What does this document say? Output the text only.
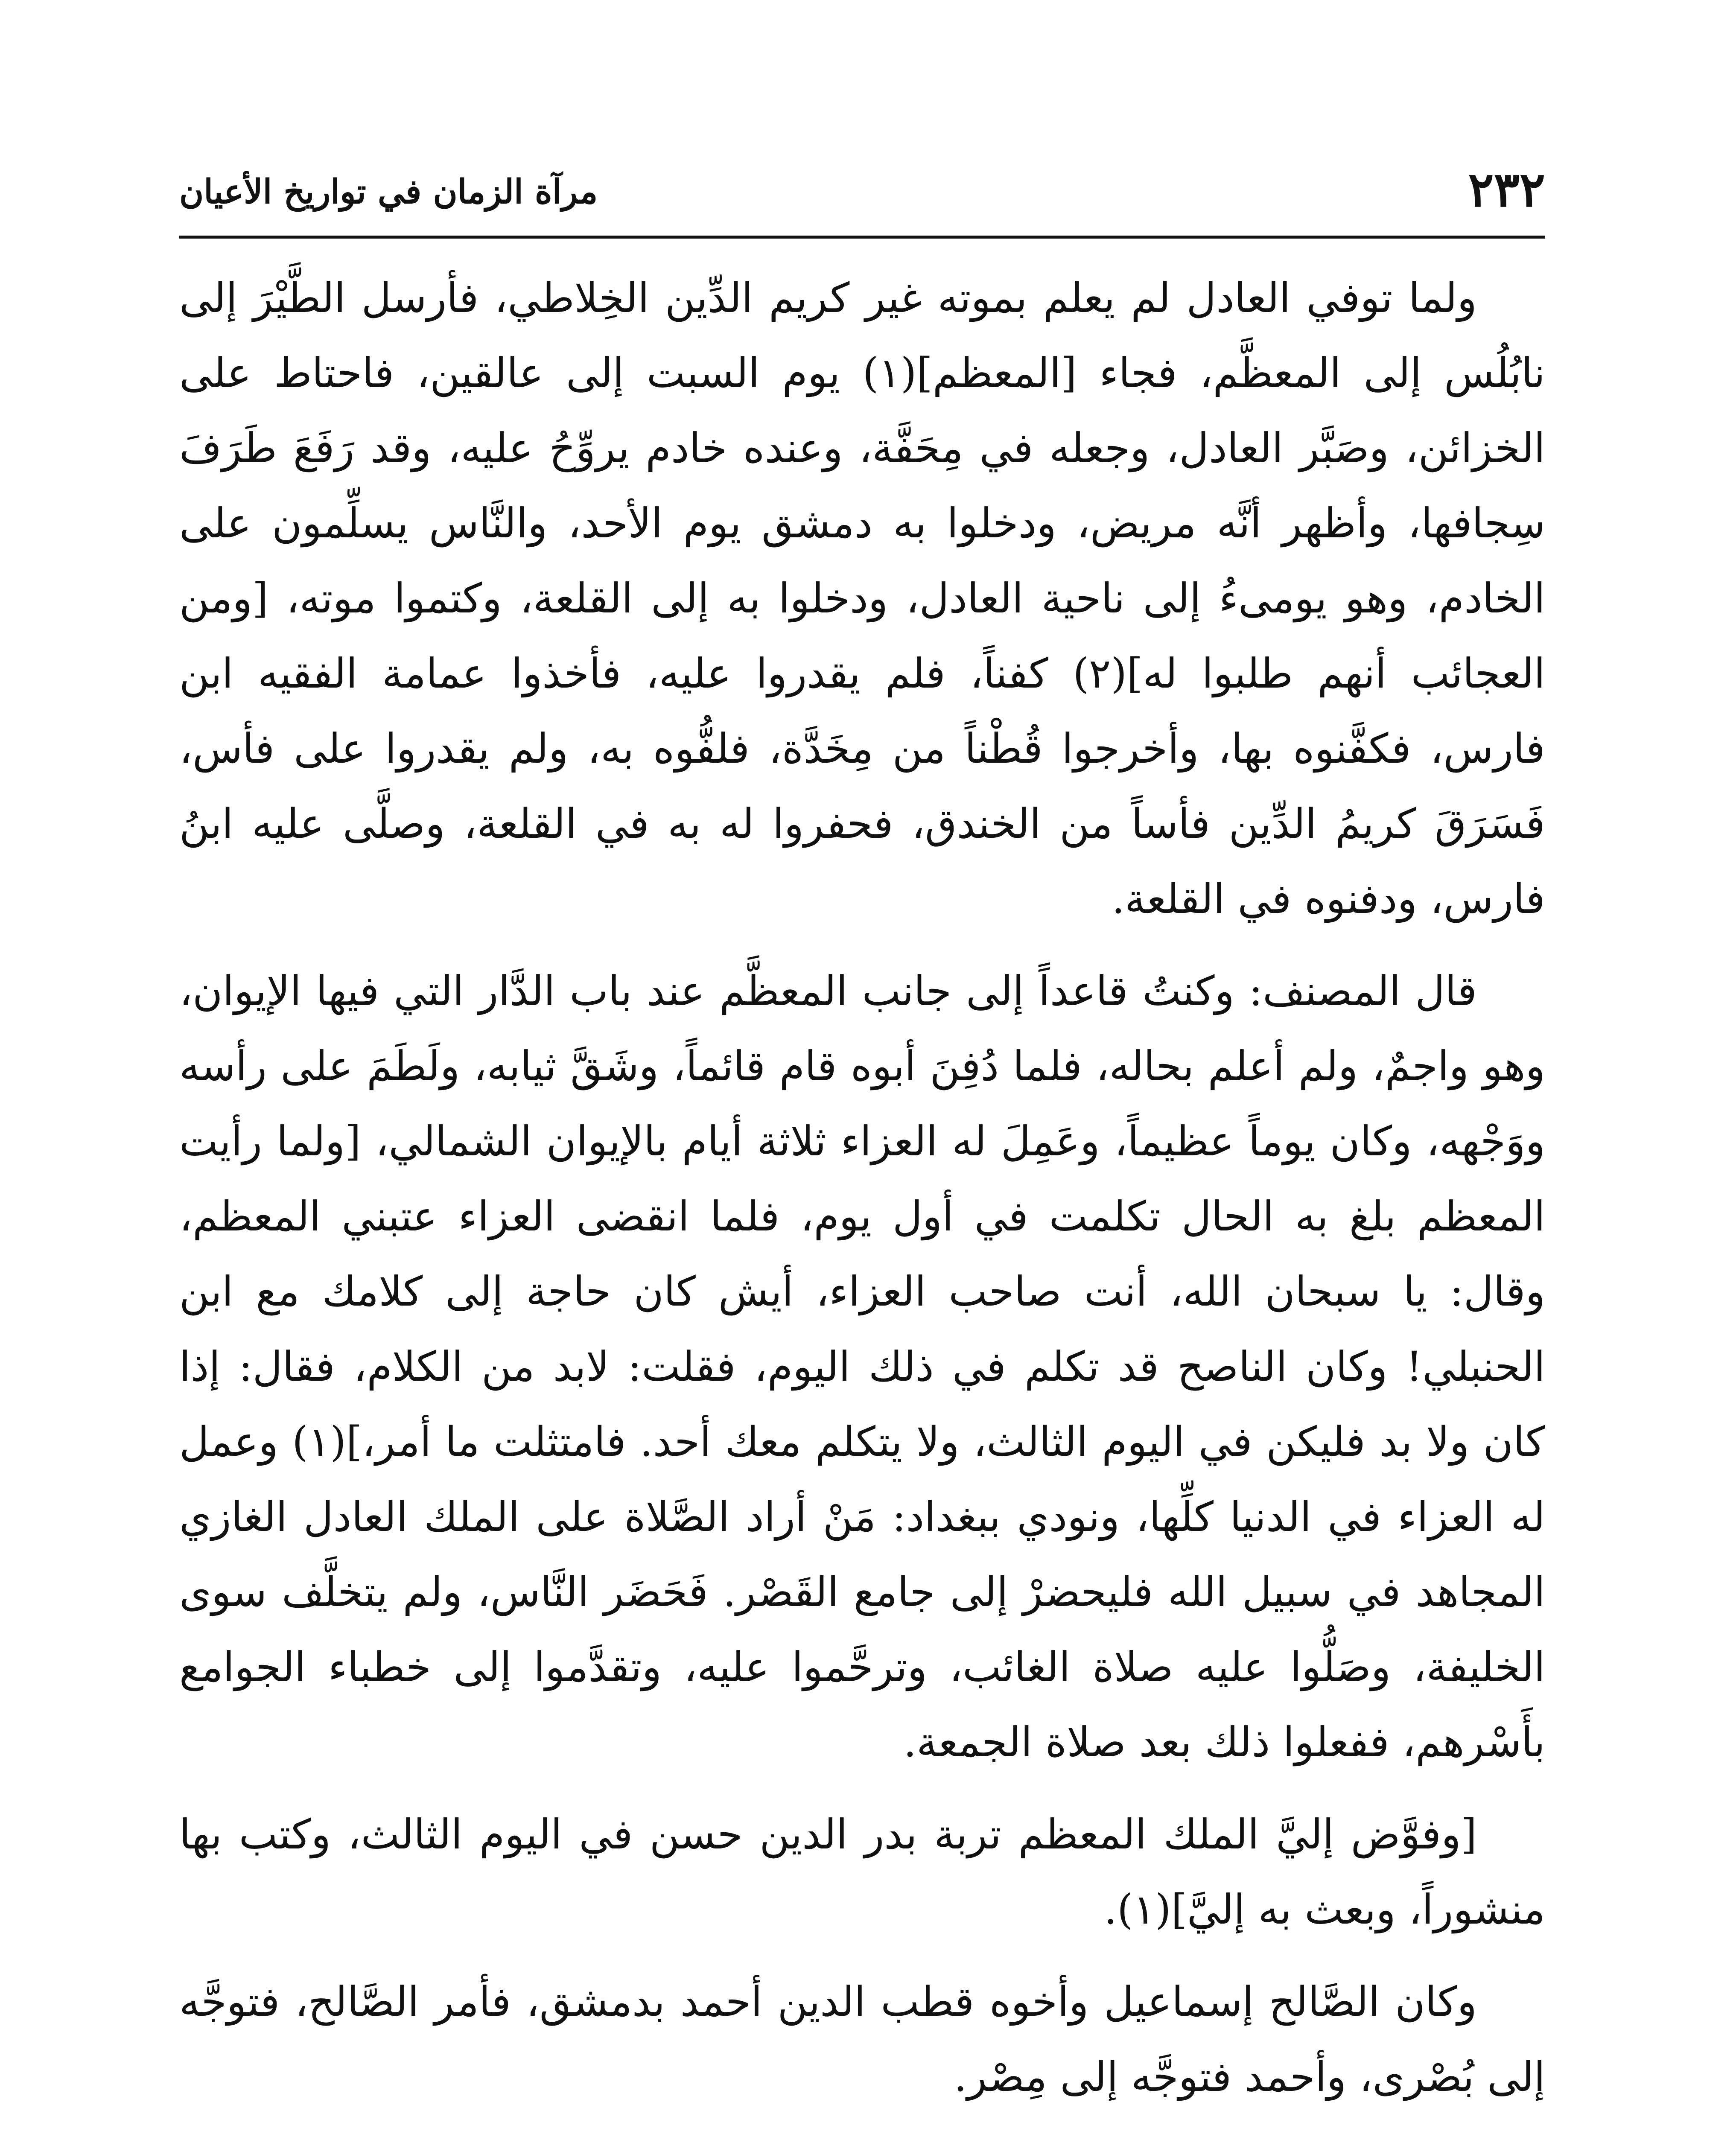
٢٣٢
مرآة الزمان في تواريخ الأعيان

ولما توفي العادل لم يعلم بموته غير كريم الدِّين الخِلاطي، فأرسل الطَّيْرَ إلى نابُلُس إلى المعظَّم، فجاء [المعظم](١) يوم السبت إلى عالقين، فاحتاط على الخزائن، وصَبَّر العادل، وجعله في مِحَفَّة، وعنده خادم يروِّحُ عليه، وقد رَفَعَ طَرَفَ سِجافها، وأظهر أنَّه مريض، ودخلوا به دمشق يوم الأحد، والنَّاس يسلِّمون على الخادم، وهو يومىءُ إلى ناحية العادل، ودخلوا به إلى القلعة، وكتموا موته، [ومن العجائب أنهم طلبوا له](٢) كفناً، فلم يقدروا عليه، فأخذوا عمامة الفقيه ابن فارس، فكفَّنوه بها، وأخرجوا قُطْناً من مِخَدَّة، فلفُّوه به، ولم يقدروا على فأس، فَسَرَقَ كريمُ الدِّين فأساً من الخندق، فحفروا له به في القلعة، وصلَّى عليه ابنُ فارس، ودفنوه في القلعة.

قال المصنف: وكنتُ قاعداً إلى جانب المعظَّم عند باب الدَّار التي فيها الإيوان، وهو واجمٌ، ولم أعلم بحاله، فلما دُفِنَ أبوه قام قائماً، وشَقَّ ثيابه، ولَطَمَ على رأسه ووَجْهه، وكان يوماً عظيماً، وعَمِلَ له العزاء ثلاثة أيام بالإيوان الشمالي، [ولما رأيت المعظم بلغ به الحال تكلمت في أول يوم، فلما انقضى العزاء عتبني المعظم، وقال: يا سبحان الله، أنت صاحب العزاء، أيش كان حاجة إلى كلامك مع ابن الحنبلي! وكان الناصح قد تكلم في ذلك اليوم، فقلت: لابد من الكلام، فقال: إذا كان ولا بد فليكن في اليوم الثالث، ولا يتكلم معك أحد. فامتثلت ما أمر،](١) وعمل له العزاء في الدنيا كلِّها، ونودي ببغداد: مَنْ أراد الصَّلاة على الملك العادل الغازي المجاهد في سبيل الله فليحضرْ إلى جامع القَصْر. فَحَضَر النَّاس، ولم يتخلَّف سوى الخليفة، وصَلُّوا عليه صلاة الغائب، وترحَّموا عليه، وتقدَّموا إلى خطباء الجوامع بأَسْرهم، ففعلوا ذلك بعد صلاة الجمعة.

[وفوَّض إليَّ الملك المعظم تربة بدر الدين حسن في اليوم الثالث، وكتب بها منشوراً، وبعث به إليَّ](١).

وكان الصَّالح إسماعيل وأخوه قطب الدين أحمد بدمشق، فأمر الصَّالح، فتوجَّه إلى بُصْرى، وأحمد فتوجَّه إلى مِصْر.
